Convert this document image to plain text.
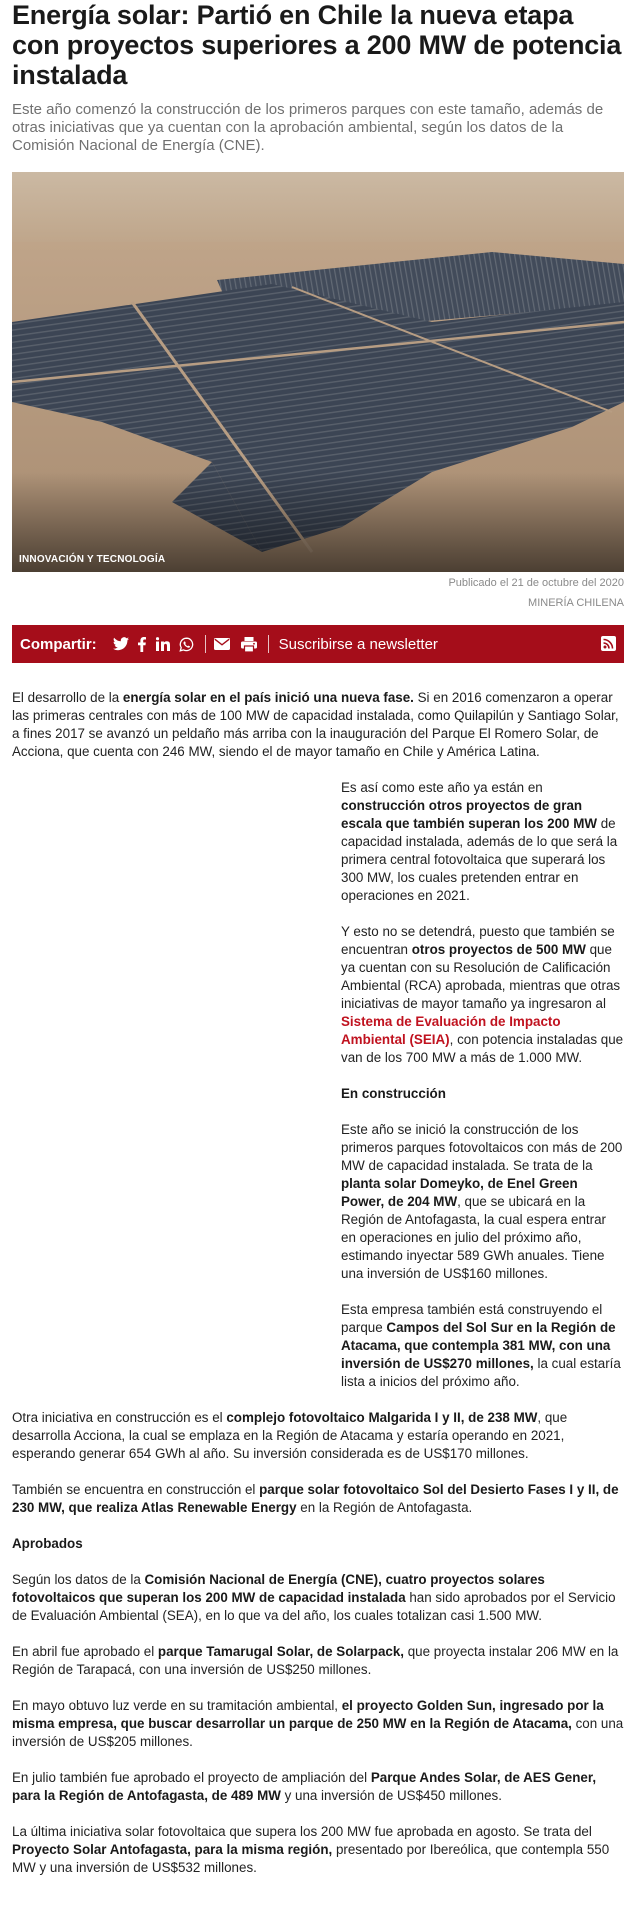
Energía solar: Partió en Chile la nueva etapa con proyectos superiores a 200 MW de potencia instalada

Este año comenzó la construcción de los primeros parques con este tamaño, además de otras iniciativas que ya cuentan con la aprobación ambiental, según los datos de la Comisión Nacional de Energía (CNE).

INNOVACIÓN Y TECNOLOGÍA
Publicado el 21 de octubre del 2020
MINERÍA CHILENA
Compartir:	Suscribirse a newsletter

El desarrollo de la energía solar en el país inició una nueva fase. Si en 2016 comenzaron a operar las primeras centrales con más de 100 MW de capacidad instalada, como Quilapilún y Santiago Solar, a fines 2017 se avanzó un peldaño más arriba con la inauguración del Parque El Romero Solar, de Acciona, que cuenta con 246 MW, siendo el de mayor tamaño en Chile y América Latina.

Es así como este año ya están en construcción otros proyectos de gran escala que también superan los 200 MW de capacidad instalada, además de lo que será la primera central fotovoltaica que superará los 300 MW, los cuales pretenden entrar en operaciones en 2021.

Y esto no se detendrá, puesto que también se encuentran otros proyectos de 500 MW que ya cuentan con su Resolución de Calificación Ambiental (RCA) aprobada, mientras que otras iniciativas de mayor tamaño ya ingresaron al Sistema de Evaluación de Impacto Ambiental (SEIA), con potencia instaladas que van de los 700 MW a más de 1.000 MW.

En construcción

Este año se inició la construcción de los primeros parques fotovoltaicos con más de 200 MW de capacidad instalada. Se trata de la planta solar Domeyko, de Enel Green Power, de 204 MW, que se ubicará en la Región de Antofagasta, la cual espera entrar en operaciones en julio del próximo año, estimando inyectar 589 GWh anuales. Tiene una inversión de US$160 millones.

Esta empresa también está construyendo el parque Campos del Sol Sur en la Región de Atacama, que contempla 381 MW, con una inversión de US$270 millones, la cual estaría lista a inicios del próximo año.

Otra iniciativa en construcción es el complejo fotovoltaico Malgarida I y II, de 238 MW, que desarrolla Acciona, la cual se emplaza en la Región de Atacama y estaría operando en 2021, esperando generar 654 GWh al año. Su inversión considerada es de US$170 millones.

También se encuentra en construcción el parque solar fotovoltaico Sol del Desierto Fases I y II, de 230 MW, que realiza Atlas Renewable Energy en la Región de Antofagasta.

Aprobados

Según los datos de la Comisión Nacional de Energía (CNE), cuatro proyectos solares fotovoltaicos que superan los 200 MW de capacidad instalada han sido aprobados por el Servicio de Evaluación Ambiental (SEA), en lo que va del año, los cuales totalizan casi 1.500 MW.

En abril fue aprobado el parque Tamarugal Solar, de Solarpack, que proyecta instalar 206 MW en la Región de Tarapacá, con una inversión de US$250 millones.

En mayo obtuvo luz verde en su tramitación ambiental, el proyecto Golden Sun, ingresado por la misma empresa, que buscar desarrollar un parque de 250 MW en la Región de Atacama, con una inversión de US$205 millones.

En julio también fue aprobado el proyecto de ampliación del Parque Andes Solar, de AES Gener, para la Región de Antofagasta, de 489 MW y una inversión de US$450 millones.

La última iniciativa solar fotovoltaica que supera los 200 MW fue aprobada en agosto. Se trata del Proyecto Solar Antofagasta, para la misma región, presentado por Ibereólica, que contempla 550 MW y una inversión de US$532 millones.
